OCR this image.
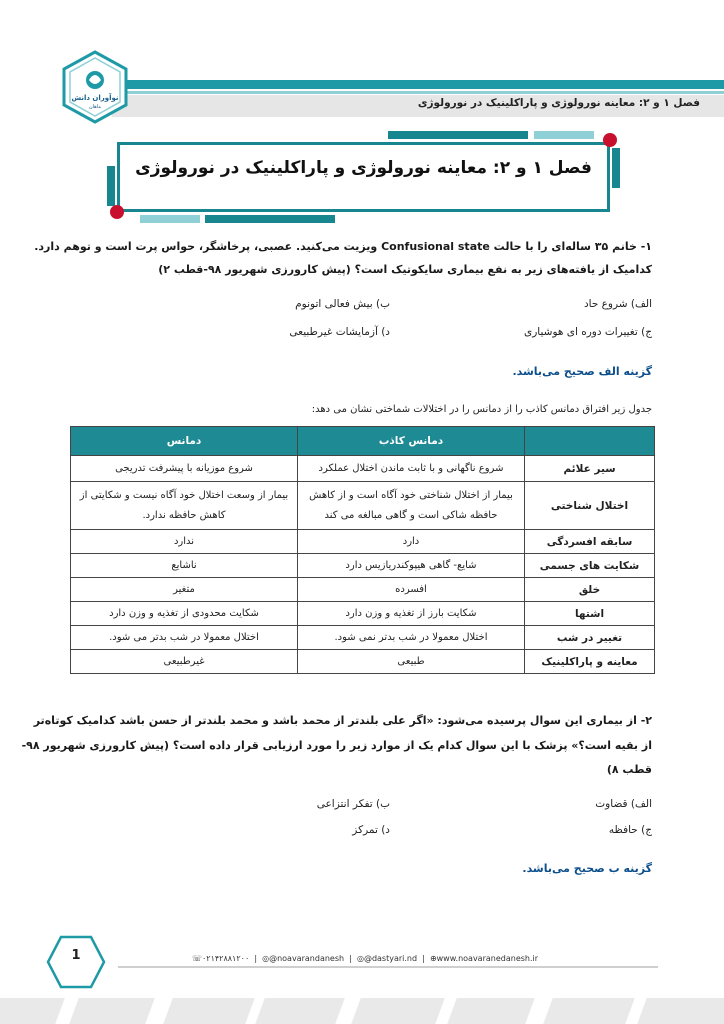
فصل ۱ و ۲: معاینه نورولوژی و پاراکلینیک در نورولوژی
نوآوران دانش
ماهان
فصل ۱ و ۲: معاینه نورولوژی و پاراکلینیک در نورولوژی
۱- خانم ۳۵ ساله‌ای را با حالت Confusional state ویزیت می‌کنید. عصبی، پرخاشگر، حواس پرت است و توهم دارد.
کدامیک از یافته‌های زیر به نفع بیماری سایکوتیک است؟ (پیش کارورزی شهریور ۹۸-قطب ۲)
الف) شروع حاد
ب) بیش فعالی اتونوم
ج) تغییرات دوره ای هوشیاری
د) آزمایشات غیرطبیعی
گزینه الف صحیح می‌باشد.
جدول زیر افتراق دمانس کاذب را از دمانس را در اختلالات شماختی نشان می دهد:
	دمانس کاذب	دمانس
سیر علائم	شروع ناگهانی و با ثابت ماندن اختلال عملکرد	شروع موزیانه با پیشرفت تدریجی
اختلال شناختی	بیمار از اختلال شناختی خود آگاه است و از کاهش حافظه شاکی است و گاهی مبالغه می کند	بیمار از وسعت اختلال خود آگاه نیست و شکایتی از کاهش حافظه ندارد.
سابقه افسردگی	دارد	ندارد
شکایت های جسمی	شایع- گاهی هیپوکندریازیس دارد	ناشایع
خلق	افسرده	متغیر
اشتها	شکایت بارز از تغذیه و وزن دارد	شکایت محدودی از تغذیه و وزن دارد
تغییر در شب	اختلال معمولا در شب بدتر نمی شود.	اختلال معمولا در شب بدتر می شود.
معاینه و پاراکلینیک	طبیعی	غیرطبیعی
۲- از بیماری این سوال پرسیده می‌شود: «اگر علی بلندتر از محمد باشد و محمد بلندتر از حسن باشد کدامیک کوتاه‌تر
از بقیه است؟» پزشک با این سوال کدام یک از موارد زیر را مورد ارزیابی قرار داده است؟ (پیش کارورزی شهریور ۹۸-
قطب ۸)
الف) قضاوت
ب) تفکر انتزاعی
ج) حافظه
د) تمرکز
گزینه ب صحیح می‌باشد.
☏۰۲۱۴۲۸۸۱۲۰۰  |  ◎@noavarandanesh  |  ◎@dastyari.nd  |  ⊕www.noavaranedanesh.ir
1
